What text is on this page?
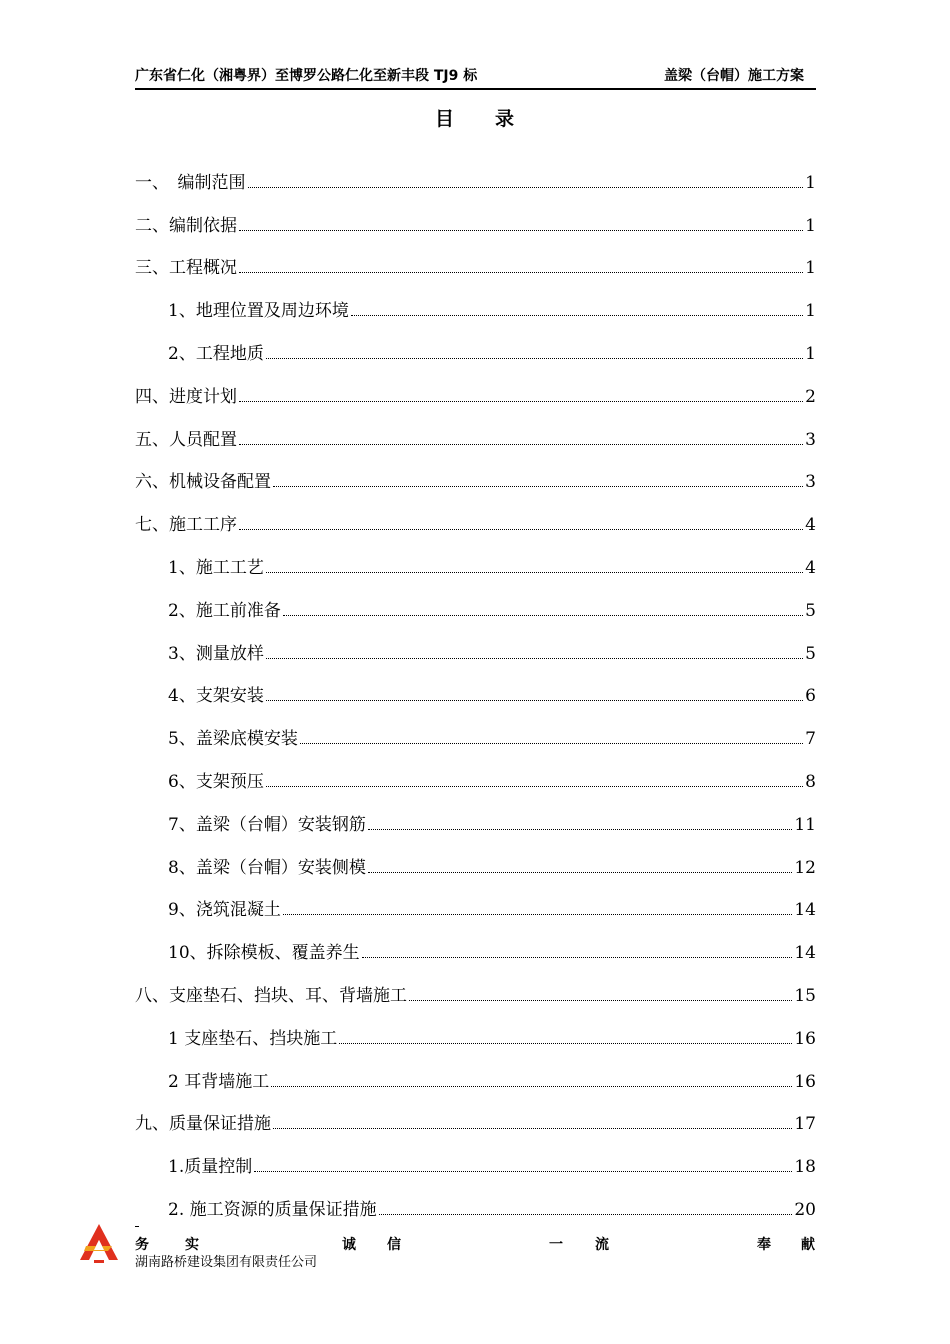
广东省仁化（湘粤界）至博罗公路仁化至新丰段 TJ9 标	盖梁（台帽）施工方案
目　　录
一、　编制范围	1
二、编制依据	1
三、工程概况	1
1、地理位置及周边环境	1
2、工程地质	1
四、进度计划	2
五、人员配置	3
六、机械设备配置	3
七、施工工序	4
1、施工工艺	4
2、施工前准备	5
3、测量放样	5
4、支架安装	6
5、盖梁底模安装	7
6、支架预压	8
7、盖梁（台帽）安装钢筋	11
8、盖梁（台帽）安装侧模	12
9、浇筑混凝土	14
10、拆除模板、覆盖养生	14
八、支座垫石、挡块、耳、背墙施工	15
1 支座垫石、挡块施工	16
2 耳背墙施工	16
九、质量保证措施	17
1.质量控制	18
2. 施工资源的质量保证措施	20
务	实	诚 信	一 流	奉 献
湖南路桥建设集团有限责任公司
